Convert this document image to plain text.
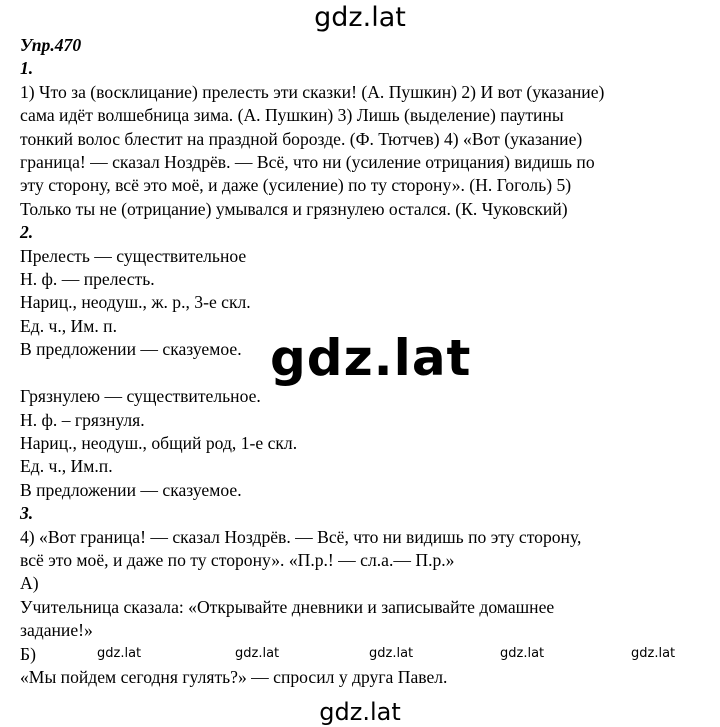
gdz.lat
Упр.470
1.
1) Что за (восклицание) прелесть эти сказки! (А. Пушкин) 2) И вот (указание)
сама идёт волшебница зима. (А. Пушкин) 3) Лишь (выделение) паутины
тонкий волос блестит на праздной борозде. (Ф. Тютчев) 4) «Вот (указание)
граница! — сказал Ноздрёв. — Всё, что ни (усиление отрицания) видишь по
эту сторону, всё это моё, и даже (усиление) по ту сторону». (Н. Гоголь) 5)
Только ты не (отрицание) умывался и грязнулею остался. (К. Чуковский)
2.
Прелесть — существительное
Н. ф. — прелесть.
Нариц., неодуш., ж. р., 3-е скл.
Ед. ч., Им. п.
В предложении — сказуемое.

Грязнулею — существительное.
Н. ф. – грязнуля.
Нариц., неодуш., общий род, 1-е скл.
Ед. ч., Им.п.
В предложении — сказуемое.
3.
4) «Вот граница! — сказал Ноздрёв. — Всё, что ни видишь по эту сторону,
всё это моё, и даже по ту сторону». «П.р.! — сл.а.— П.р.»
А)
Учительница сказала: «Открывайте дневники и записывайте домашнее
задание!»
Б)
«Мы пойдем сегодня гулять?» — спросил у друга Павел.
gdz.lat
gdz.lat	gdz.lat	gdz.lat	gdz.lat	gdz.lat
gdz.lat
